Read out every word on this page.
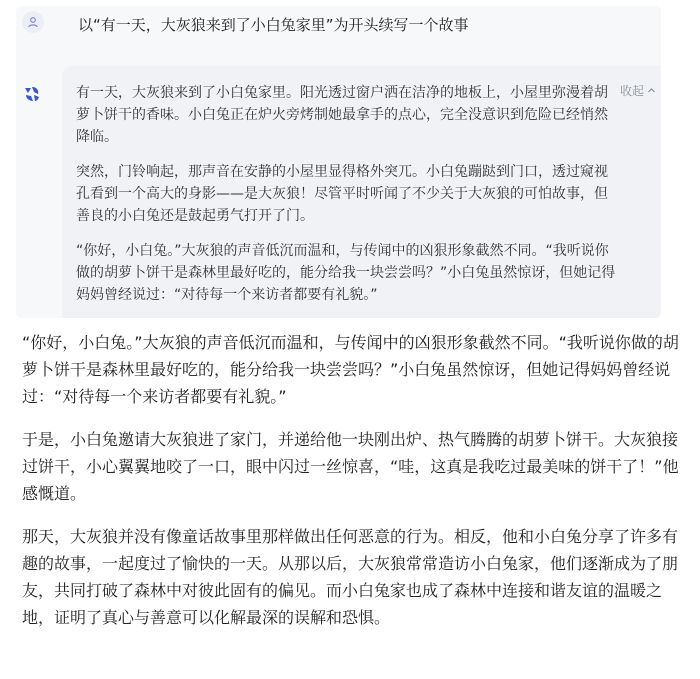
以“有一天，大灰狼来到了小白兔家里”为开头续写一个故事

有一天，大灰狼来到了小白兔家里。阳光透过窗户洒在洁净的地板上，小屋里弥漫着胡萝卜饼干的香味。小白兔正在炉火旁烤制她最拿手的点心，完全没意识到危险已经悄然降临。

突然，门铃响起，那声音在安静的小屋里显得格外突兀。小白兔蹦跶到门口，透过窥视孔看到一个高大的身影——是大灰狼！尽管平时听闻了不少关于大灰狼的可怕故事，但善良的小白兔还是鼓起勇气打开了门。

“你好，小白兔。”大灰狼的声音低沉而温和，与传闻中的凶狠形象截然不同。“我听说你做的胡萝卜饼干是森林里最好吃的，能分给我一块尝尝吗？”小白兔虽然惊讶，但她记得妈妈曾经说过：“对待每一个来访者都要有礼貌。”

收起

“你好，小白兔。”大灰狼的声音低沉而温和，与传闻中的凶狠形象截然不同。“我听说你做的胡萝卜饼干是森林里最好吃的，能分给我一块尝尝吗？”小白兔虽然惊讶，但她记得妈妈曾经说过：“对待每一个来访者都要有礼貌。”

于是，小白兔邀请大灰狼进了家门，并递给他一块刚出炉、热气腾腾的胡萝卜饼干。大灰狼接过饼干，小心翼翼地咬了一口，眼中闪过一丝惊喜，“哇，这真是我吃过最美味的饼干了！”他感慨道。

那天，大灰狼并没有像童话故事里那样做出任何恶意的行为。相反，他和小白兔分享了许多有趣的故事，一起度过了愉快的一天。从那以后，大灰狼常常造访小白兔家，他们逐渐成为了朋友，共同打破了森林中对彼此固有的偏见。而小白兔家也成了森林中连接和谐友谊的温暖之地，证明了真心与善意可以化解最深的误解和恐惧。
